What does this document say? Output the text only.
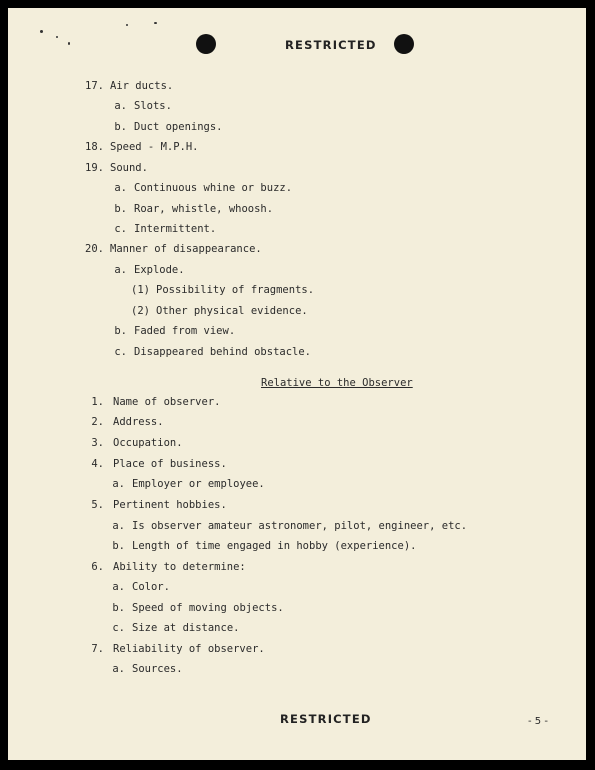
RESTRICTED
17. Air ducts.
a. Slots.
b. Duct openings.
18. Speed - M.P.H.
19. Sound.
a. Continuous whine or buzz.
b. Roar, whistle, whoosh.
c. Intermittent.
20. Manner of disappearance.
a. Explode.
(1) Possibility of fragments.
(2) Other physical evidence.
b. Faded from view.
c. Disappeared behind obstacle.
Relative to the Observer
1. Name of observer.
2. Address.
3. Occupation.
4. Place of business.
a. Employer or employee.
5. Pertinent hobbies.
a. Is observer amateur astronomer, pilot, engineer, etc.
b. Length of time engaged in hobby (experience).
6. Ability to determine:
a. Color.
b. Speed of moving objects.
c. Size at distance.
7. Reliability of observer.
a. Sources.
RESTRICTED	- 5 -
